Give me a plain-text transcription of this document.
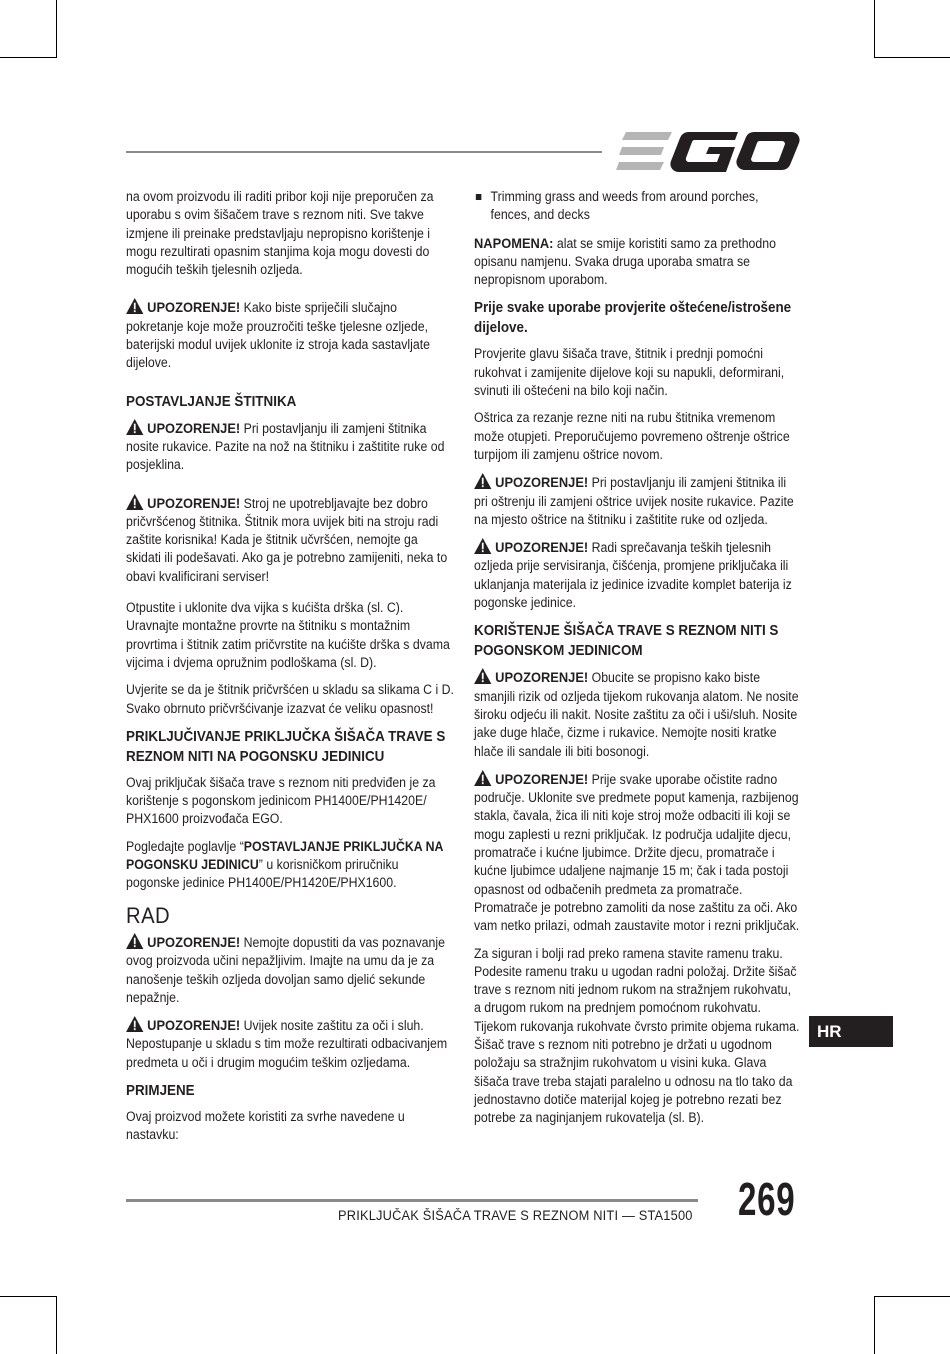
na ovom proizvodu ili raditi pribor koji nije preporučen za uporabu s ovim šišačem trave s reznom niti. Sve takve izmjene ili preinake predstavljaju nepropisno korištenje i mogu rezultirati opasnim stanjima koja mogu dovesti do mogućih teških tjelesnih ozljeda.

UPOZORENJE! Kako biste spriječili slučajno pokretanje koje može prouzročiti teške tjelesne ozljede, baterijski modul uvijek uklonite iz stroja kada sastavljate dijelove.

POSTAVLJANJE ŠTITNIKA

UPOZORENJE! Pri postavljanju ili zamjeni štitnika nosite rukavice. Pazite na nož na štitniku i zaštitite ruke od posjeklina.

UPOZORENJE! Stroj ne upotrebljavajte bez dobro pričvršćenog štitnika. Štitnik mora uvijek biti na stroju radi zaštite korisnika! Kada je štitnik učvršćen, nemojte ga skidati ili podešavati. Ako ga je potrebno zamijeniti, neka to obavi kvalificirani serviser!

Otpustite i uklonite dva vijka s kućišta drška (sl. C). Uravnajte montažne provrte na štitniku s montažnim provrtima i štitnik zatim pričvrstite na kućište drška s dvama vijcima i dvjema opružnim podloškama (sl. D).

Uvjerite se da je štitnik pričvršćen u skladu sa slikama C i D. Svako obrnuto pričvršćivanje izazvat će veliku opasnost!

PRIKLJUČIVANJE PRIKLJUČKA ŠIŠAČA TRAVE S REZNOM NITI NA POGONSKU JEDINICU

Ovaj priključak šišača trave s reznom niti predviđen je za korištenje s pogonskom jedinicom PH1400E/PH1420E/ PHX1600 proizvođača EGO.

Pogledajte poglavlje “POSTAVLJANJE PRIKLJUČKA NA POGONSKU JEDINICU” u korisničkom priručniku pogonske jedinice PH1400E/PH1420E/PHX1600.

RAD

UPOZORENJE! Nemojte dopustiti da vas poznavanje ovog proizvoda učini nepažljivim. Imajte na umu da je za nanošenje teških ozljeda dovoljan samo djelić sekunde nepažnje.

UPOZORENJE! Uvijek nosite zaštitu za oči i sluh. Nepostupanje u skladu s tim može rezultirati odbacivanjem predmeta u oči i drugim mogućim teškim ozljedama.

PRIMJENE

Ovaj proizvod možete koristiti za svrhe navedene u nastavku:

Trimming grass and weeds from around porches, fences, and decks

NAPOMENA: alat se smije koristiti samo za prethodno opisanu namjenu. Svaka druga uporaba smatra se nepropisnom uporabom.

Prije svake uporabe provjerite oštećene/istrošene dijelove.

Provjerite glavu šišača trave, štitnik i prednji pomoćni rukohvat i zamijenite dijelove koji su napukli, deformirani, svinuti ili oštećeni na bilo koji način.

Oštrica za rezanje rezne niti na rubu štitnika vremenom može otupjeti. Preporučujemo povremeno oštrenje oštrice turpijom ili zamjenu oštrice novom.

UPOZORENJE! Pri postavljanju ili zamjeni štitnika ili pri oštrenju ili zamjeni oštrice uvijek nosite rukavice. Pazite na mjesto oštrice na štitniku i zaštitite ruke od ozljeda.

UPOZORENJE! Radi sprečavanja teških tjelesnih ozljeda prije servisiranja, čišćenja, promjene priključaka ili uklanjanja materijala iz jedinice izvadite komplet baterija iz pogonske jedinice.

KORIŠTENJE ŠIŠAČA TRAVE S REZNOM NITI S POGONSKOM JEDINICOM

UPOZORENJE! Obucite se propisno kako biste smanjili rizik od ozljeda tijekom rukovanja alatom. Ne nosite široku odjeću ili nakit. Nosite zaštitu za oči i uši/sluh. Nosite jake duge hlače, čizme i rukavice. Nemojte nositi kratke hlače ili sandale ili biti bosonogi.

UPOZORENJE! Prije svake uporabe očistite radno područje. Uklonite sve predmete poput kamenja, razbijenog stakla, čavala, žica ili niti koje stroj može odbaciti ili koji se mogu zaplesti u rezni priključak. Iz područja udaljite djecu, promatrače i kućne ljubimce. Držite djecu, promatrače i kućne ljubimce udaljene najmanje 15 m; čak i tada postoji opasnost od odbačenih predmeta za promatrače. Promatrače je potrebno zamoliti da nose zaštitu za oči. Ako vam netko prilazi, odmah zaustavite motor i rezni priključak.

Za siguran i bolji rad preko ramena stavite ramenu traku. Podesite ramenu traku u ugodan radni položaj. Držite šišač trave s reznom niti jednom rukom na stražnjem rukohvatu, a drugom rukom na prednjem pomoćnom rukohvatu. Tijekom rukovanja rukohvate čvrsto primite objema rukama. Šišač trave s reznom niti potrebno je držati u ugodnom položaju sa stražnjim rukohvatom u visini kuka. Glava šišača trave treba stajati paralelno u odnosu na tlo tako da jednostavno dotiče materijal kojeg je potrebno rezati bez potrebe za naginjanjem rukovatelja (sl. B).

HR
PRIKLJUČAK ŠIŠAČA TRAVE S REZNOM NITI — STA1500 269
